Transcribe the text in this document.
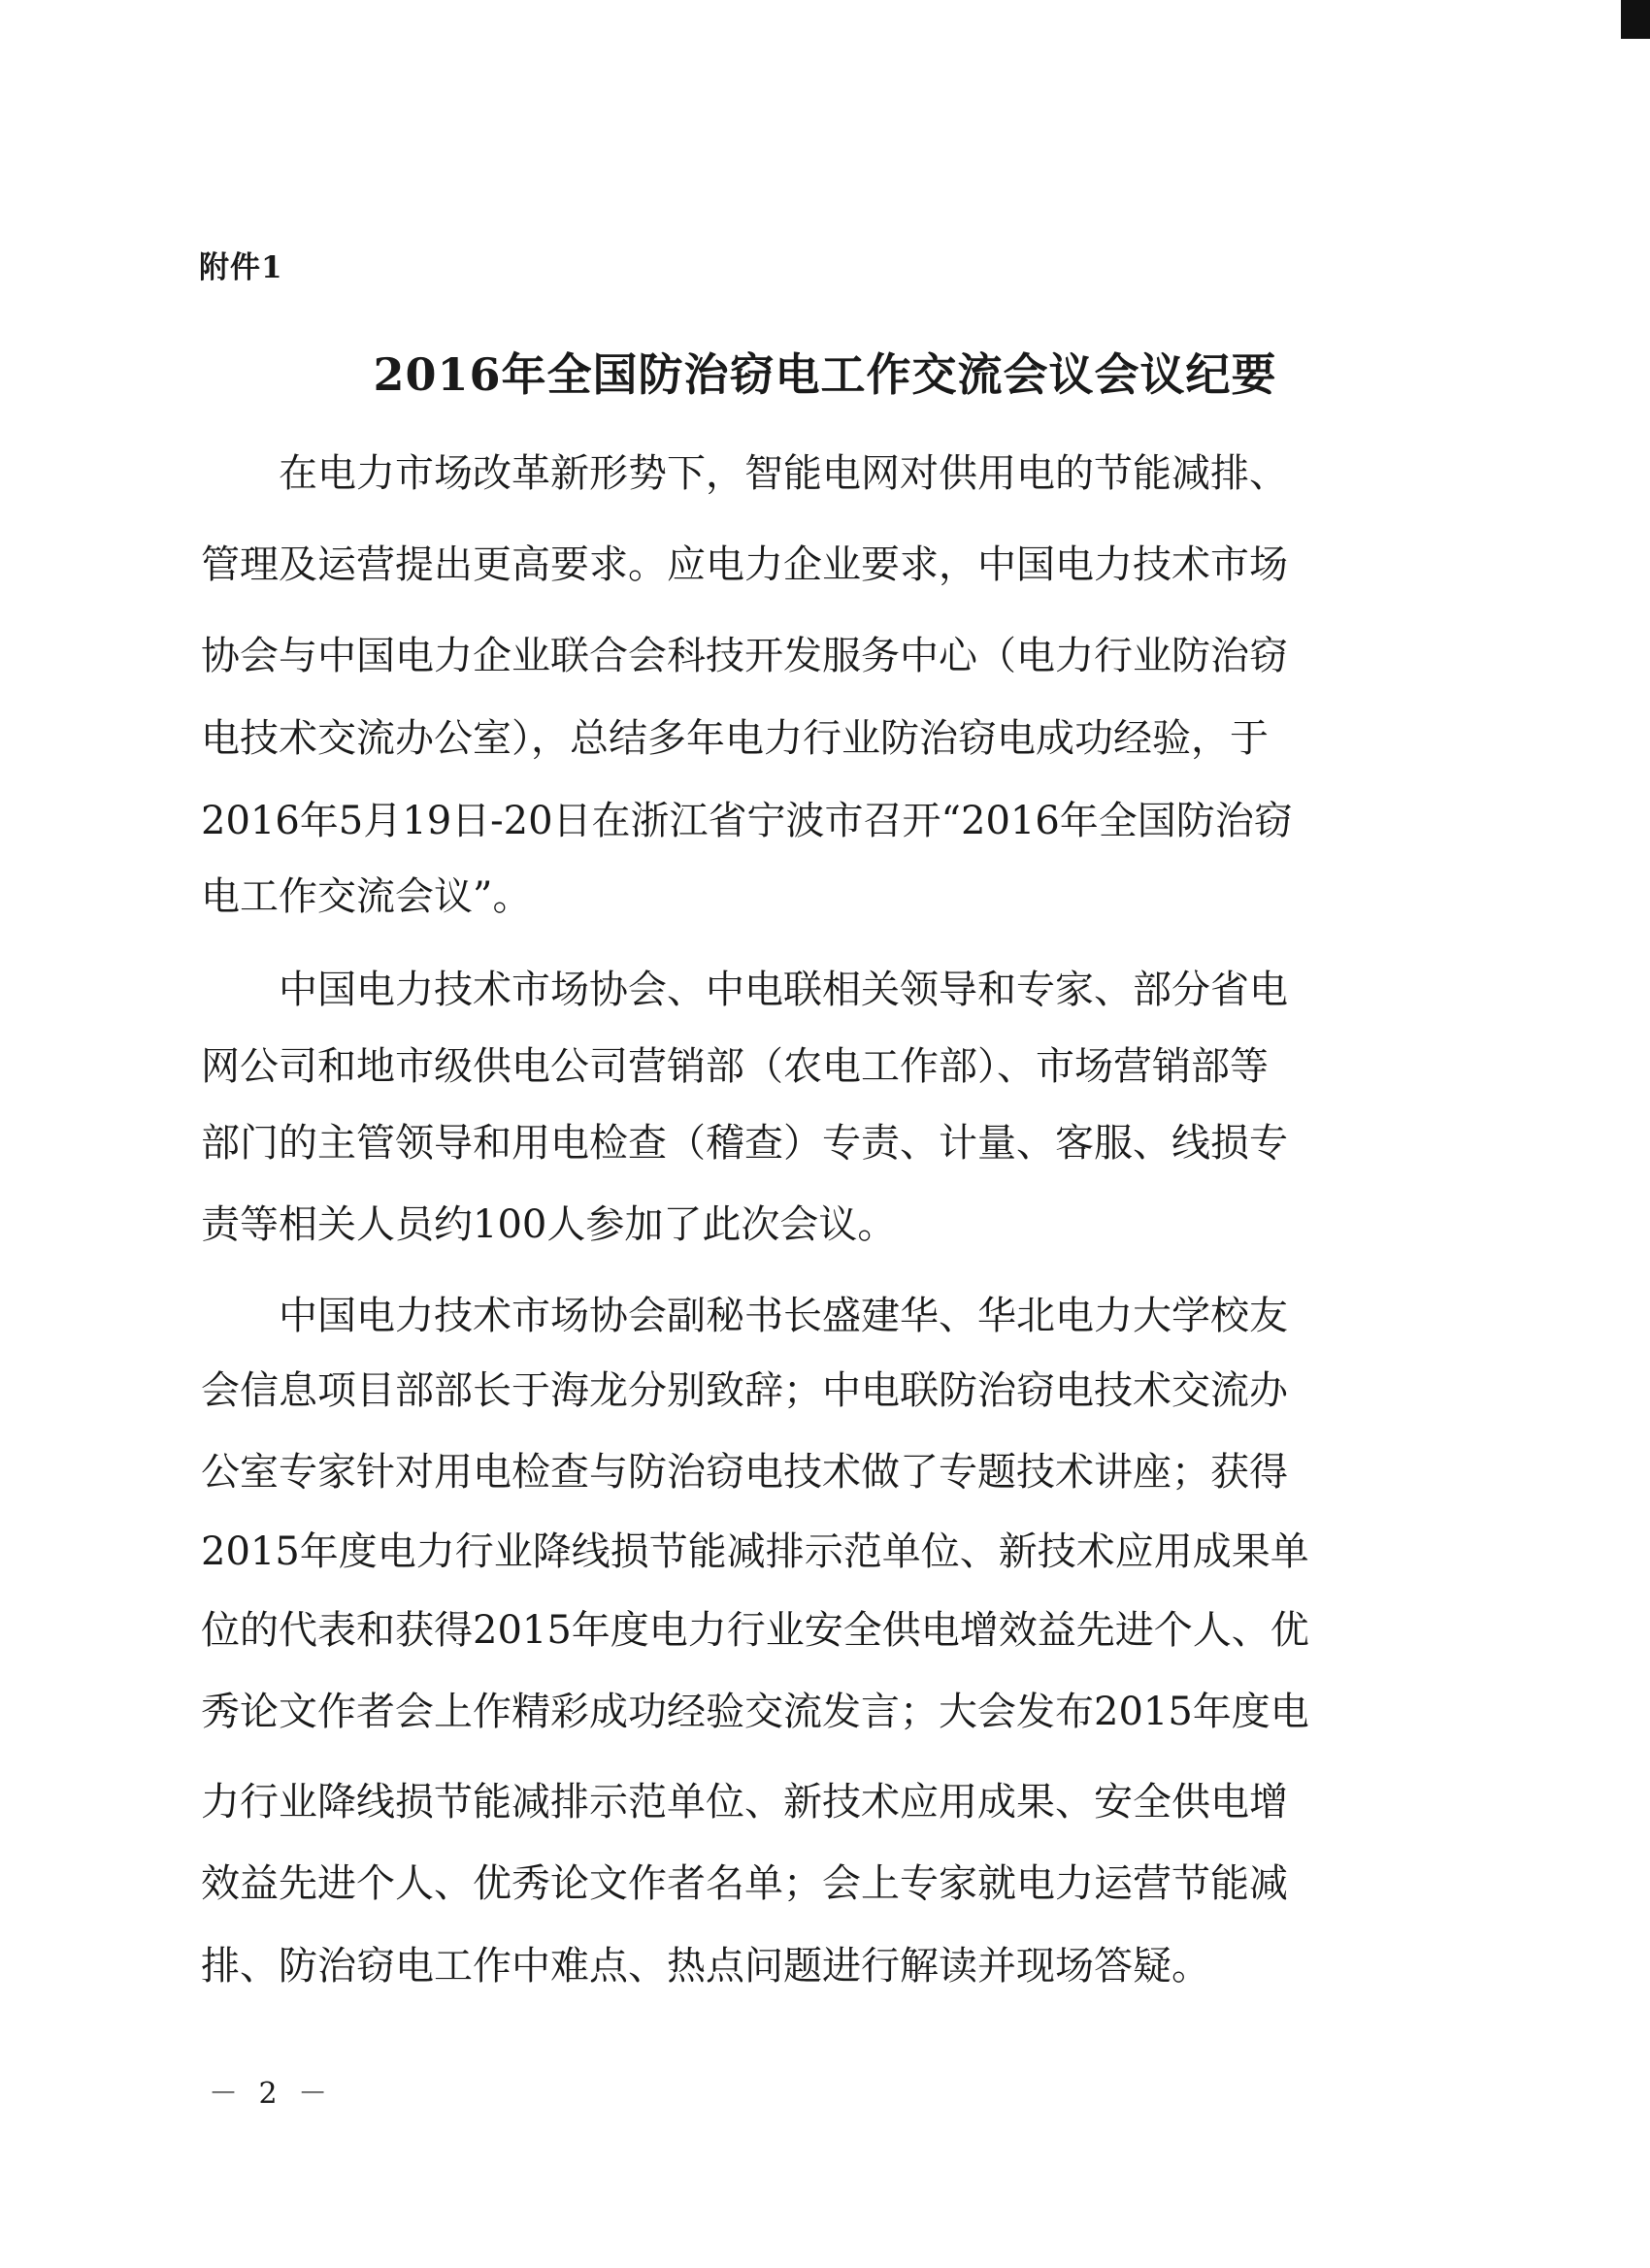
附件1
2016年全国防治窃电工作交流会议会议纪要
在电力市场改革新形势下，智能电网对供用电的节能减排、
管理及运营提出更高要求。应电力企业要求，中国电力技术市场
协会与中国电力企业联合会科技开发服务中心（电力行业防治窃
电技术交流办公室），总结多年电力行业防治窃电成功经验，于
2016年5月19日-20日在浙江省宁波市召开“2016年全国防治窃
电工作交流会议”。
中国电力技术市场协会、中电联相关领导和专家、部分省电
网公司和地市级供电公司营销部（农电工作部）、市场营销部等
部门的主管领导和用电检查（稽查）专责、计量、客服、线损专
责等相关人员约100人参加了此次会议。
中国电力技术市场协会副秘书长盛建华、华北电力大学校友
会信息项目部部长于海龙分别致辞；中电联防治窃电技术交流办
公室专家针对用电检查与防治窃电技术做了专题技术讲座；获得
2015年度电力行业降线损节能减排示范单位、新技术应用成果单
位的代表和获得2015年度电力行业安全供电增效益先进个人、优
秀论文作者会上作精彩成功经验交流发言；大会发布2015年度电
力行业降线损节能减排示范单位、新技术应用成果、安全供电增
效益先进个人、优秀论文作者名单；会上专家就电力运营节能减
排、防治窃电工作中难点、热点问题进行解读并现场答疑。
－ 2 －
